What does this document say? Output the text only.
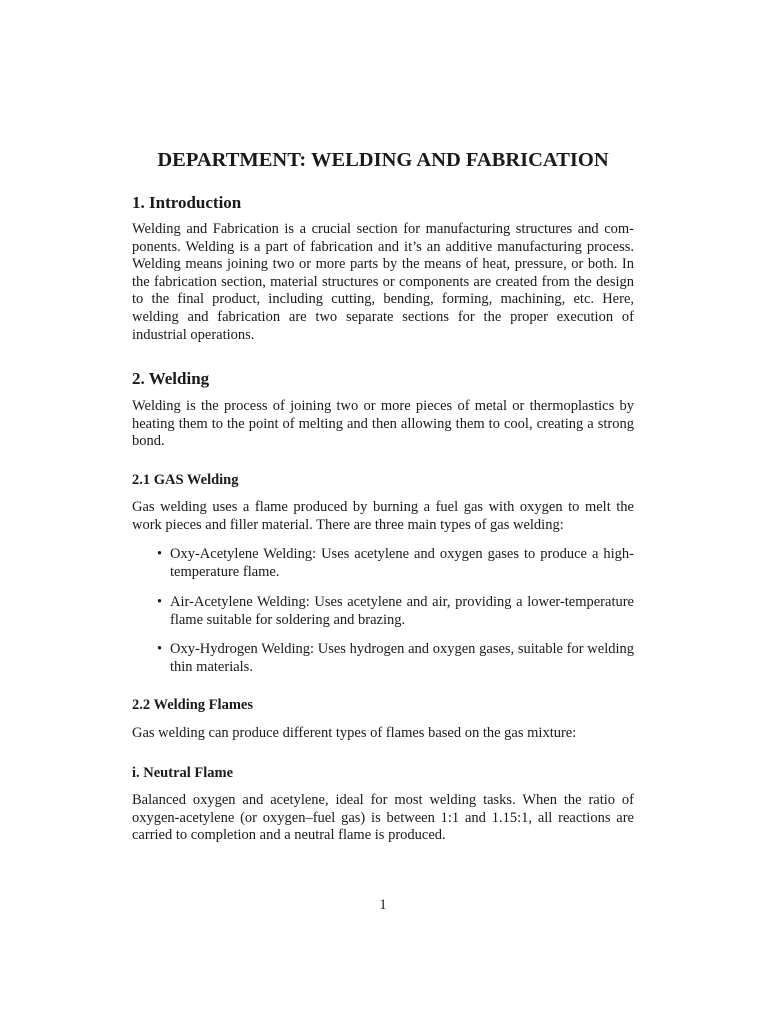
DEPARTMENT: WELDING AND FABRICATION
1. Introduction
Welding and Fabrication is a crucial section for manufacturing structures and components. Welding is a part of fabrication and it’s an additive manufacturing process. Welding means joining two or more parts by the means of heat, pressure, or both. In the fabrication section, material structures or components are created from the design to the final product, including cutting, bending, forming, machining, etc. Here, welding and fabrication are two separate sections for the proper execution of industrial operations.
2. Welding
Welding is the process of joining two or more pieces of metal or thermoplastics by heating them to the point of melting and then allowing them to cool, creating a strong bond.
2.1 GAS Welding
Gas welding uses a flame produced by burning a fuel gas with oxygen to melt the work pieces and filler material. There are three main types of gas welding:
• Oxy-Acetylene Welding: Uses acetylene and oxygen gases to produce a high-temperature flame.
• Air-Acetylene Welding: Uses acetylene and air, providing a lower-temperature flame suitable for soldering and brazing.
• Oxy-Hydrogen Welding: Uses hydrogen and oxygen gases, suitable for welding thin materials.
2.2 Welding Flames
Gas welding can produce different types of flames based on the gas mixture:
i. Neutral Flame
Balanced oxygen and acetylene, ideal for most welding tasks. When the ratio of oxygen-acetylene (or oxygen–fuel gas) is between 1:1 and 1.15:1, all reactions are carried to completion and a neutral flame is produced.
1
